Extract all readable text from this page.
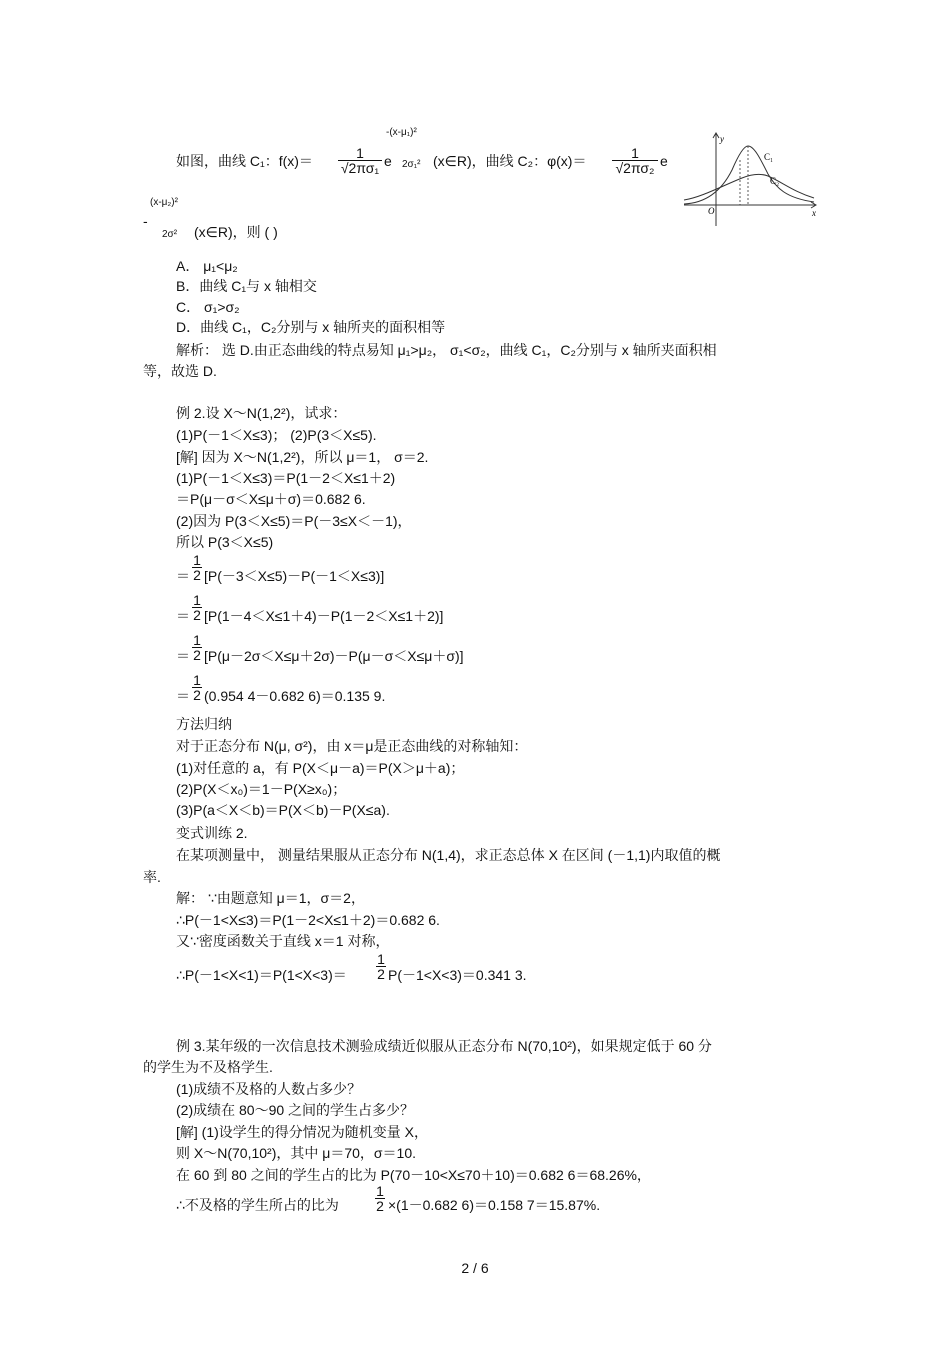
如图，曲线 C₁：f(x)＝	1
√2πσ₁ e
-(x-μ₁)²
2σ₁² (x∈R)，曲线 C₂：φ(x)＝	1
√2πσ₂ e
(x-μ₂)²
-
2σ² (x∈R)，则 ( )
A． μ₁<μ₂
B．曲线 C₁与 x 轴相交
C． σ₁>σ₂
D．曲线 C₁，C₂分别与 x 轴所夹的面积相等
解析： 选 D.由正态曲线的特点易知 μ₁>μ₂， σ₁<σ₂，曲线 C₁，C₂分别与 x 轴所夹面积相
等，故选 D.
y
x
O
C₁
C₂
例 2.设 X～N(1,2²)，试求：
(1)P(－1＜X≤3)； (2)P(3＜X≤5).
[解] 因为 X～N(1,2²)，所以 μ＝1， σ＝2.
(1)P(－1＜X≤3)＝P(1－2＜X≤1＋2)
＝P(μ－σ＜X≤μ＋σ)＝0.682 6.
(2)因为 P(3＜X≤5)＝P(－3≤X＜－1)，
所以 P(3＜X≤5)
＝
1
2 [P(－3＜X≤5)－P(－1＜X≤3)]
＝
1
2 [P(1－4＜X≤1＋4)－P(1－2＜X≤1＋2)]
＝
1
2 [P(μ－2σ＜X≤μ＋2σ)－P(μ－σ＜X≤μ＋σ)]
＝
1
2 (0.954 4－0.682 6)＝0.135 9.
方法归纳
对于正态分布 N(μ, σ²)，由 x＝μ是正态曲线的对称轴知：
(1)对任意的 a，有 P(X＜μ－a)＝P(X＞μ＋a)；
(2)P(X＜x₀)＝1－P(X≥x₀)；
(3)P(a＜X＜b)＝P(X＜b)－P(X≤a).
变式训练 2.
在某项测量中， 测量结果服从正态分布 N(1,4)，求正态总体 X 在区间 (－1,1)内取值的概
率.
解： ∵由题意知 μ＝1，σ＝2，
∴P(－1<X≤3)＝P(1－2<X≤1＋2)＝0.682 6.
又∵密度函数关于直线 x＝1 对称，
∴P(－1<X<1)＝P(1<X<3)＝
1
2 P(－1<X<3)＝0.341 3.
例 3.某年级的一次信息技术测验成绩近似服从正态分布 N(70,10²)，如果规定低于 60 分
的学生为不及格学生.
(1)成绩不及格的人数占多少？
(2)成绩在 80～90 之间的学生占多少？
[解] (1)设学生的得分情况为随机变量 X，
则 X～N(70,10²)，其中 μ＝70，σ＝10.
在 60 到 80 之间的学生占的比为 P(70－10<X≤70＋10)＝0.682 6＝68.26%，
∴不及格的学生所占的比为
1
2 ×(1－0.682 6)＝0.158 7＝15.87%.
2 / 6
